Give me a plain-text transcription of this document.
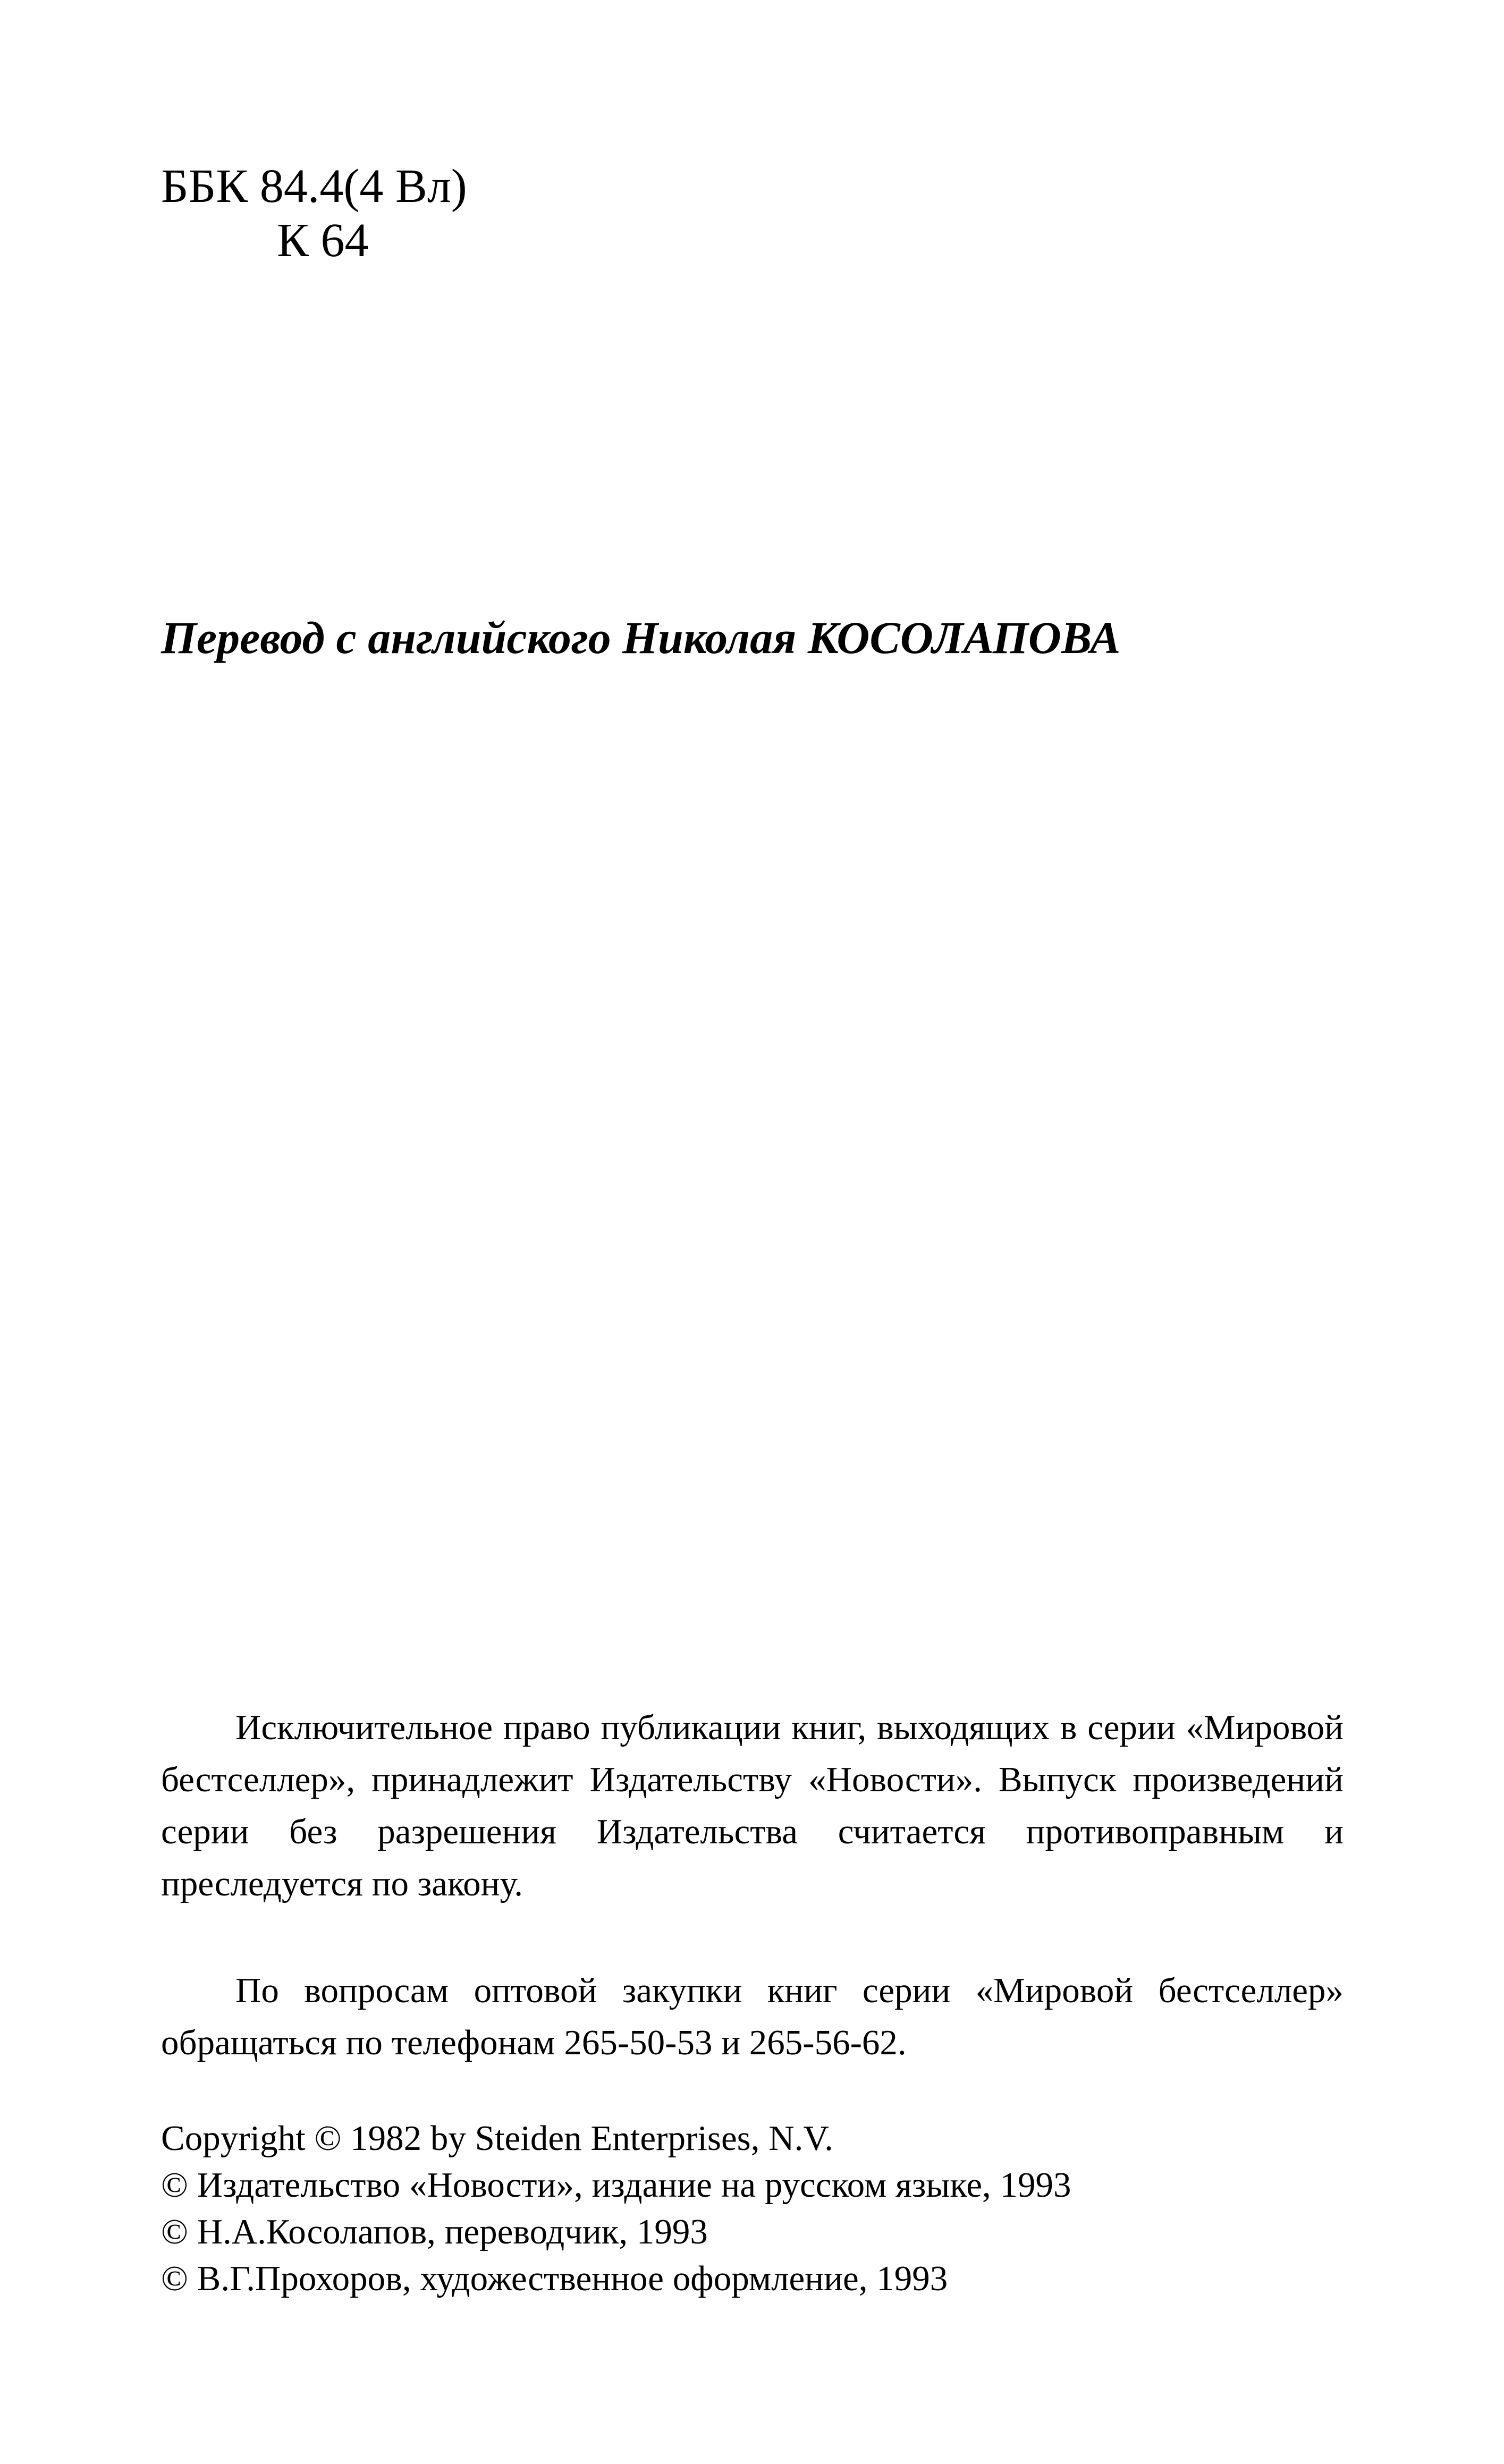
ББК 84.4(4 Вл)
К 64
Перевод с английского Николая КОСОЛАПОВА

Исключительное право публикации книг, выходящих в серии «Мировой бестселлер», принадлежит Издательству «Новости». Выпуск произведений серии без разрешения Издательства считается противоправным и преследуется по закону.

По вопросам оптовой закупки книг серии «Мировой бестселлер» обращаться по телефонам 265-50-53 и 265-56-62.

Copyright © 1982 by Steiden Enterprises, N.V.
© Издательство «Новости», издание на русском языке, 1993
© Н.А.Косолапов, переводчик, 1993
© В.Г.Прохоров, художественное оформление, 1993
